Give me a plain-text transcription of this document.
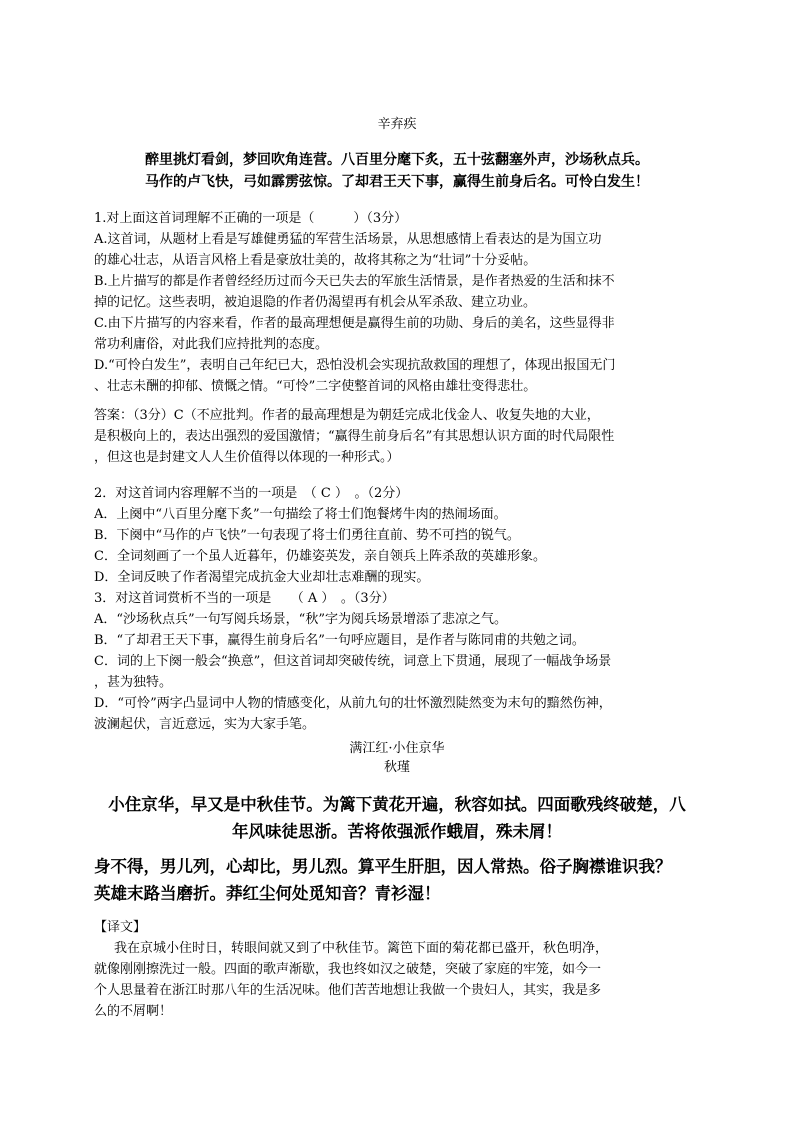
辛弃疾
醉里挑灯看剑，梦回吹角连营。八百里分麾下炙，五十弦翻塞外声，沙场秋点兵。
马作的卢飞快，弓如霹雳弦惊。了却君王天下事，赢得生前身后名。可怜白发生！
1.对上面这首词理解不正确的一项是（　　　）（3分）
A.这首词，从题材上看是写雄健勇猛的军营生活场景，从思想感情上看表达的是为国立功
的雄心壮志，从语言风格上看是豪放壮美的，故将其称之为“壮词”十分妥帖。
B.上片描写的都是作者曾经经历过而今天已失去的军旅生活情景，是作者热爱的生活和抹不
掉的记忆。这些表明，被迫退隐的作者仍渴望再有机会从军杀敌、建立功业。
C.由下片描写的内容来看，作者的最高理想便是赢得生前的功勋、身后的美名，这些显得非
常功利庸俗，对此我们应持批判的态度。
D.“可怜白发生”，表明自己年纪已大，恐怕没机会实现抗敌救国的理想了，体现出报国无门
、壮志未酬的抑郁、愤慨之情。“可怜”二字使整首词的风格由雄壮变得悲壮。
答案：（3分）C（不应批判。作者的最高理想是为朝廷完成北伐金人、收复失地的大业，
是积极向上的，表达出强烈的爱国激情；“赢得生前身后名”有其思想认识方面的时代局限性
，但这也是封建文人人生价值得以体现的一种形式。）
2．对这首词内容理解不当的一项是　（ C ）　。（2分）
A．上阕中“八百里分麾下炙”一句描绘了将士们饱餐烤牛肉的热闹场面。
B．下阕中“马作的卢飞快”一句表现了将士们勇往直前、势不可挡的锐气。
C．全词刻画了一个虽人近暮年，仍雄姿英发，亲自领兵上阵杀敌的英雄形象。
D．全词反映了作者渴望完成抗金大业却壮志难酬的现实。
3．对这首词赏析不当的一项是　　（ A ）　。（3分）
A．“沙场秋点兵”一句写阅兵场景，“秋”字为阅兵场景增添了悲凉之气。
B．“了却君王天下事，赢得生前身后名”一句呼应题目，是作者与陈同甫的共勉之词。
C．词的上下阕一般会“换意”，但这首词却突破传统，词意上下贯通，展现了一幅战争场景
，甚为独特。
D．“可怜”两字凸显词中人物的情感变化，从前九句的壮怀激烈陡然变为末句的黯然伤神，
波澜起伏，言近意远，实为大家手笔。
满江红·小住京华
秋瑾
小住京华，早又是中秋佳节。为篱下黄花开遍，秋容如拭。四面歌残终破楚，八
年风味徒思浙。苦将侬强派作蛾眉，殊未屑！
身不得，男儿列，心却比，男儿烈。算平生肝胆，因人常热。俗子胸襟谁识我？
英雄末路当磨折。莽红尘何处觅知音？青衫湿！
【译文】
我在京城小住时日，转眼间就又到了中秋佳节。篱笆下面的菊花都已盛开，秋色明净，
就像刚刚擦洗过一般。四面的歌声渐歇，我也终如汉之破楚，突破了家庭的牢笼，如今一
个人思量着在浙江时那八年的生活况味。他们苦苦地想让我做一个贵妇人，其实，我是多
么的不屑啊！
